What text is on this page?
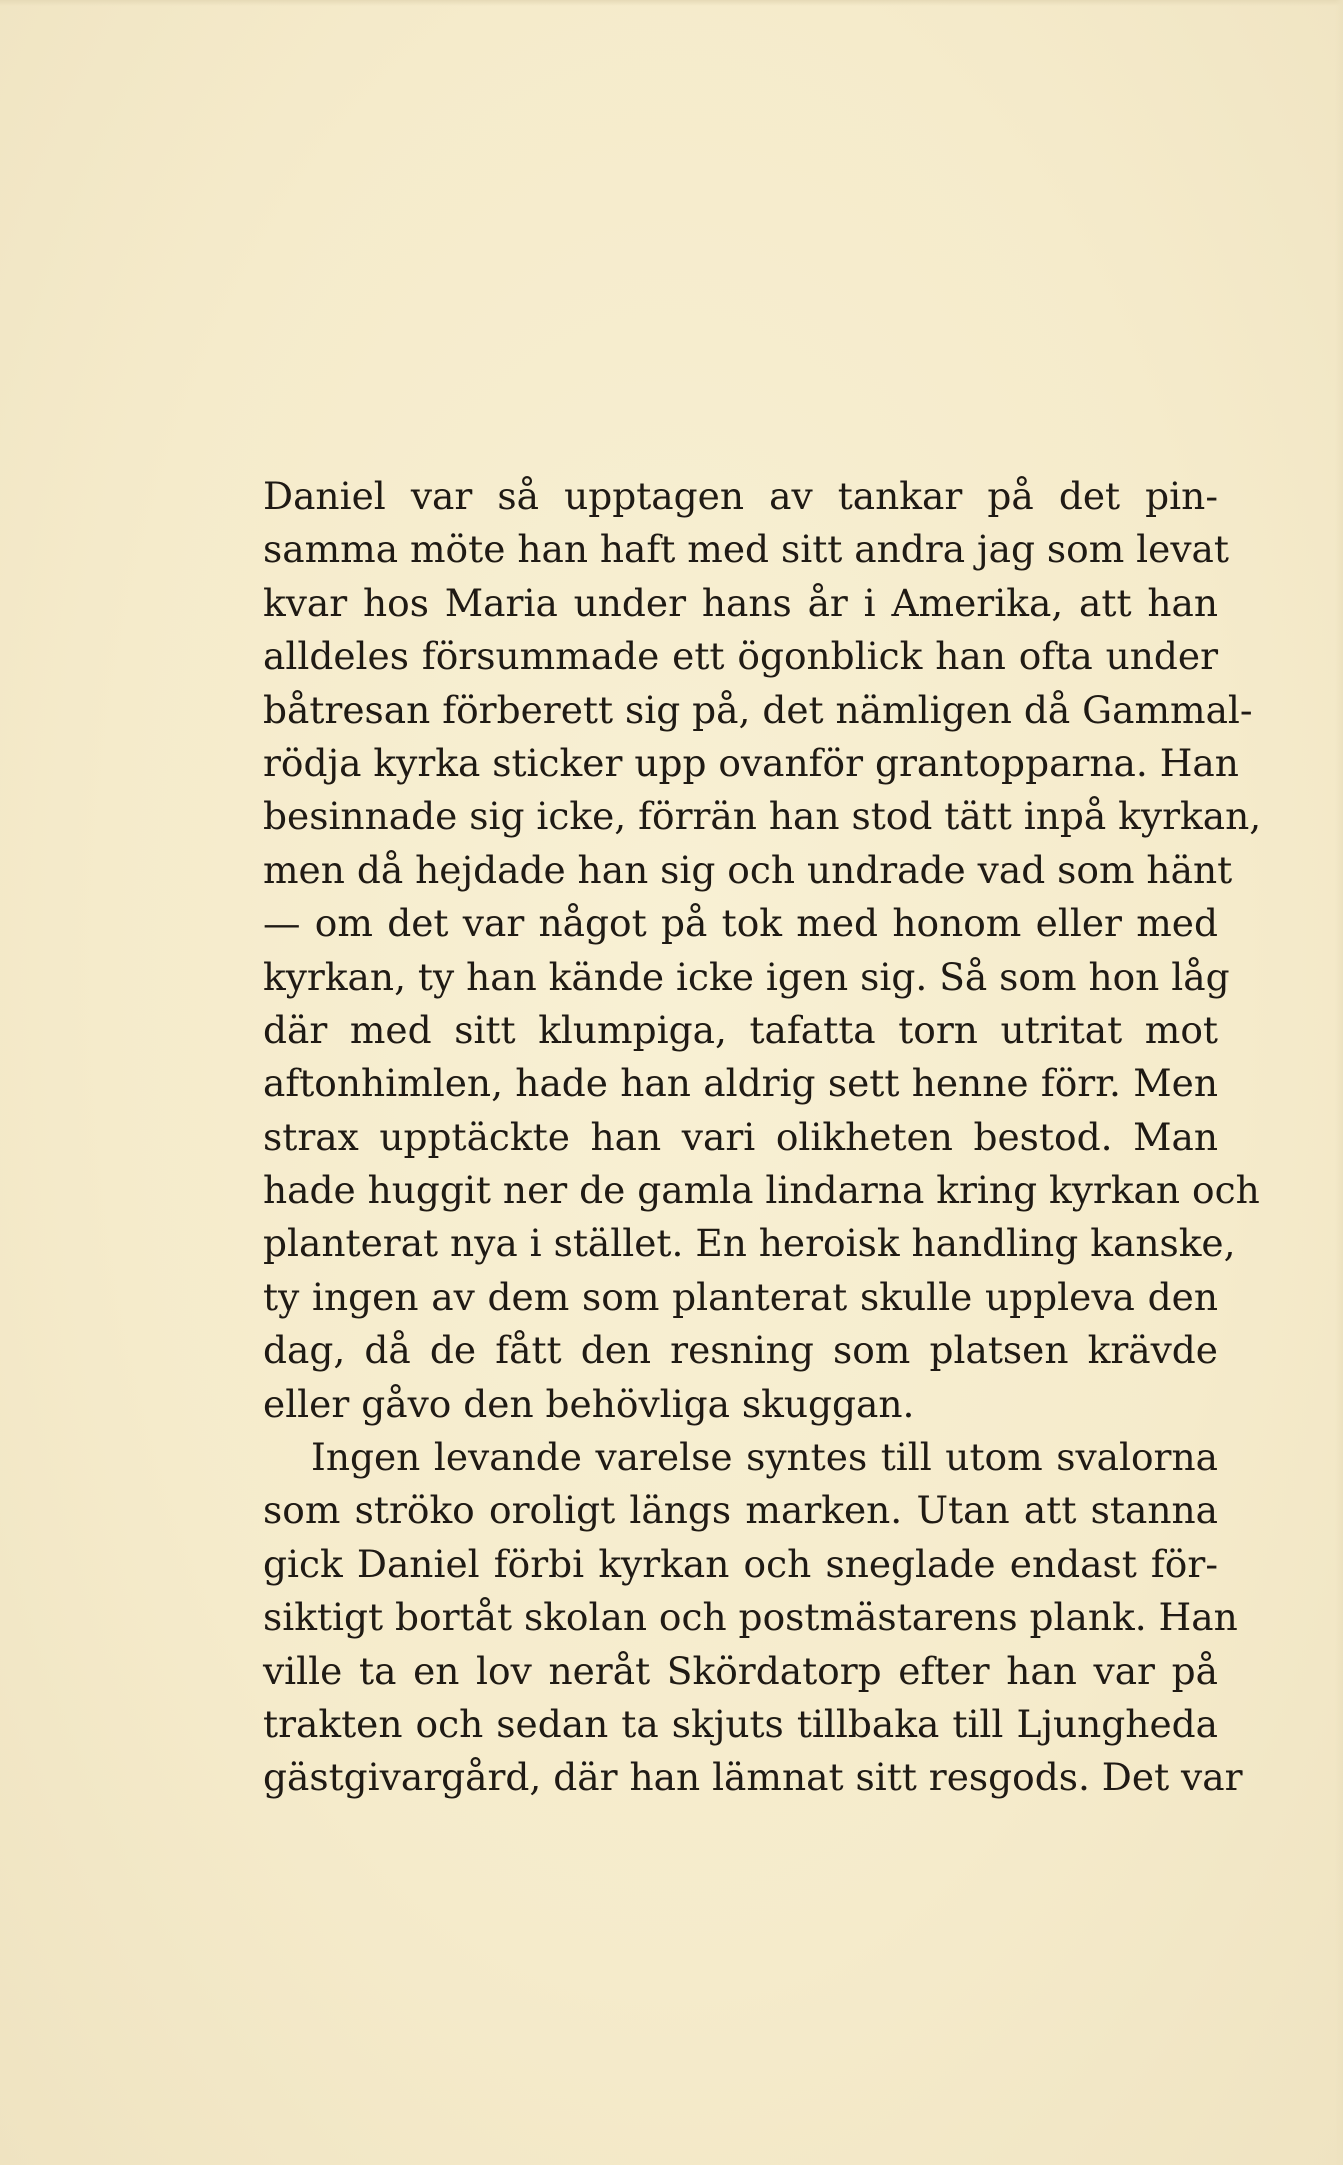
Daniel var så upptagen av tankar på det pin-
samma möte han haft med sitt andra jag som levat
kvar hos Maria under hans år i Amerika, att han
alldeles försummade ett ögonblick han ofta under
båtresan förberett sig på, det nämligen då Gammal-
rödja kyrka sticker upp ovanför grantopparna. Han
besinnade sig icke, förrän han stod tätt inpå kyrkan,
men då hejdade han sig och undrade vad som hänt
— om det var något på tok med honom eller med
kyrkan, ty han kände icke igen sig. Så som hon låg
där med sitt klumpiga, tafatta torn utritat mot
aftonhimlen, hade han aldrig sett henne förr. Men
strax upptäckte han vari olikheten bestod. Man
hade huggit ner de gamla lindarna kring kyrkan och
planterat nya i stället. En heroisk handling kanske,
ty ingen av dem som planterat skulle uppleva den
dag, då de fått den resning som platsen krävde
eller gåvo den behövliga skuggan.
Ingen levande varelse syntes till utom svalorna
som ströko oroligt längs marken. Utan att stanna
gick Daniel förbi kyrkan och sneglade endast för-
siktigt bortåt skolan och postmästarens plank. Han
ville ta en lov neråt Skördatorp efter han var på
trakten och sedan ta skjuts tillbaka till Ljungheda
gästgivargård, där han lämnat sitt resgods. Det var
